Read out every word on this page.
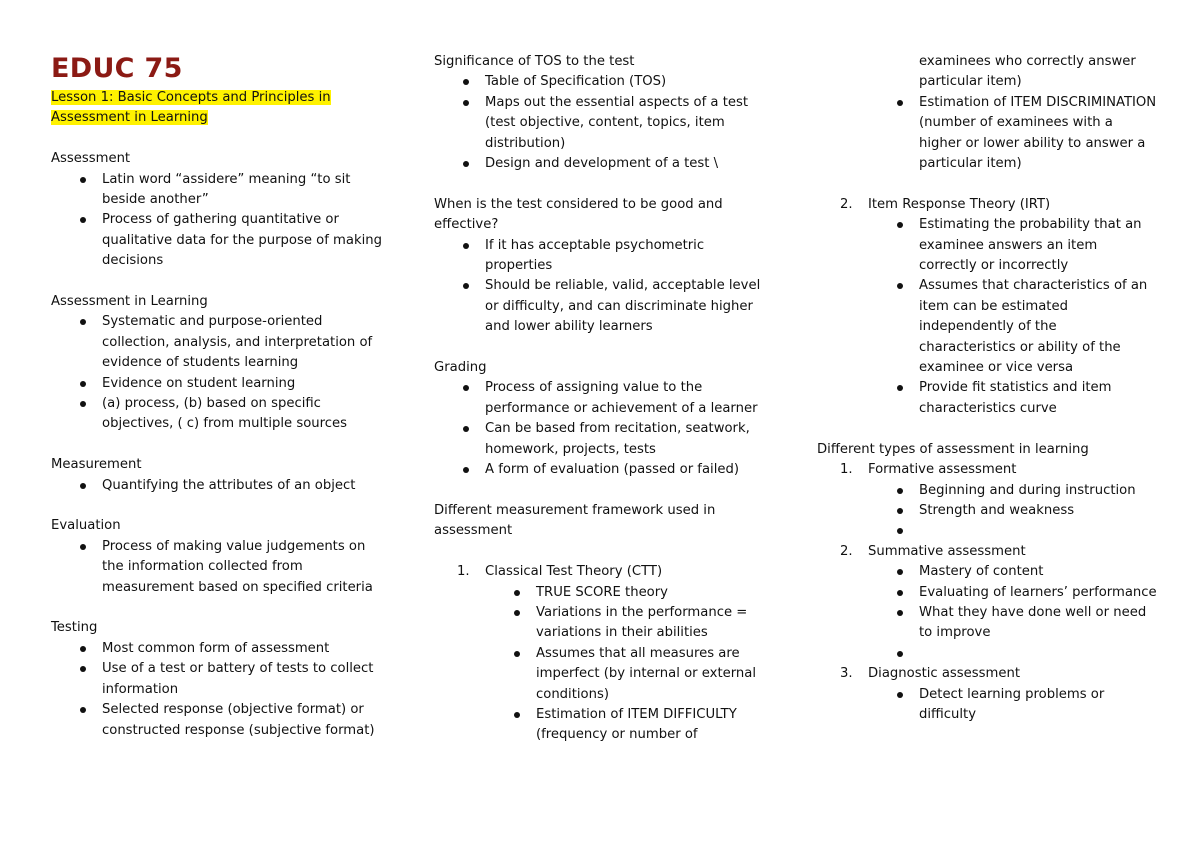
EDUC 75

Lesson 1: Basic Concepts and Principles in Assessment in Learning

Assessment
Latin word “assidere” meaning “to sit beside another”
Process of gathering quantitative or qualitative data for the purpose of making decisions
Assessment in Learning
Systematic and purpose-oriented collection, analysis, and interpretation of evidence of students learning
Evidence on student learning
(a) process, (b) based on specific objectives, ( c) from multiple sources
Measurement
Quantifying the attributes of an object
Evaluation
Process of making value judgements on the information collected from measurement based on specified criteria
Testing
Most common form of assessment
Use of a test or battery of tests to collect information
Selected response (objective format) or constructed response (subjective format)
Significance of TOS to the test
Table of Specification (TOS)
Maps out the essential aspects of a test (test objective, content, topics, item distribution)
Design and development of a test \
When is the test considered to be good and effective?
If it has acceptable psychometric properties
Should be reliable, valid, acceptable level or difficulty, and can discriminate higher and lower ability learners
Grading
Process of assigning value to the performance or achievement of a learner
Can be based from recitation, seatwork, homework, projects, tests
A form of evaluation (passed or failed)
Different measurement framework used in assessment
1. Classical Test Theory (CTT)
TRUE SCORE theory
Variations in the performance = variations in their abilities
Assumes that all measures are imperfect (by internal or external conditions)
Estimation of ITEM DIFFICULTY (frequency or number of
examinees who correctly answer particular item)
Estimation of ITEM DISCRIMINATION (number of examinees with a higher or lower ability to answer a particular item)
2. Item Response Theory (IRT)
Estimating the probability that an examinee answers an item correctly or incorrectly
Assumes that characteristics of an item can be estimated independently of the characteristics or ability of the examinee or vice versa
Provide fit statistics and item characteristics curve
Different types of assessment in learning
1. Formative assessment
Beginning and during instruction
Strength and weakness
2. Summative assessment
Mastery of content
Evaluating of learners’ performance
What they have done well or need to improve
3. Diagnostic assessment
Detect learning problems or difficulty
